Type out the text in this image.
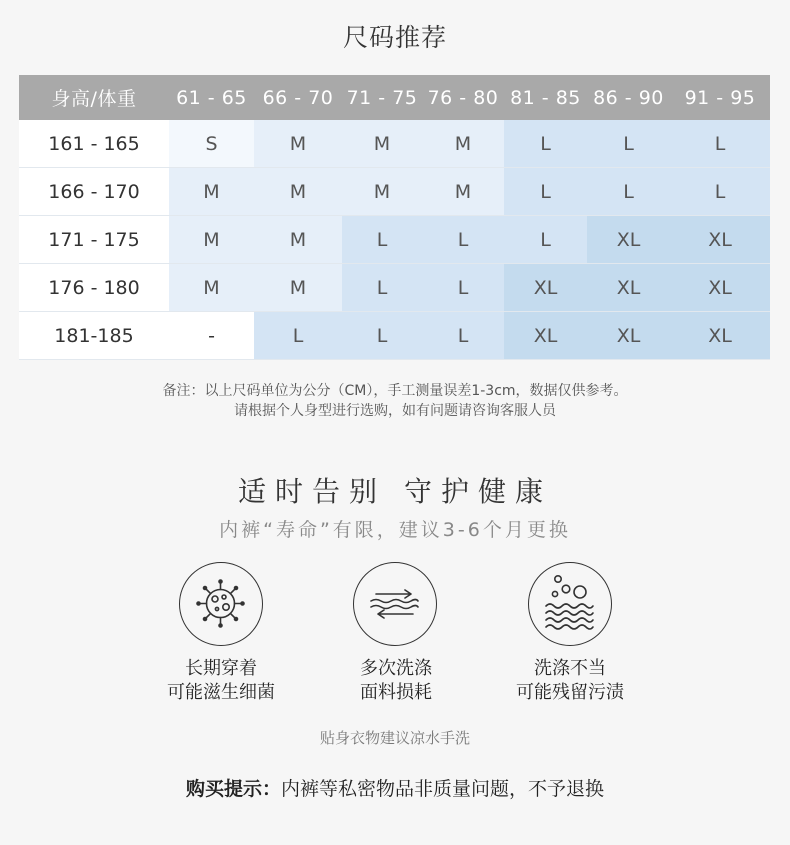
尺码推荐
身高/体重	61 - 65	66 - 70	71 - 75	76 - 80	81 - 85	86 - 90	91 - 95
161 - 165	S	M	M	M	L	L	L
166 - 170	M	M	M	M	L	L	L
171 - 175	M	M	L	L	L	XL	XL
176 - 180	M	M	L	L	XL	XL	XL
181-185	-	L	L	L	XL	XL	XL
备注：以上尺码单位为公分（CM），手工测量误差1-3cm，数据仅供参考。
请根据个人身型进行选购，如有问题请咨询客服人员
适时告别 守护健康
内裤“寿命”有限，建议3-6个月更换
长期穿着
可能滋生细菌
多次洗涤
面料损耗
洗涤不当
可能残留污渍
贴身衣物建议凉水手洗
购买提示：内裤等私密物品非质量问题，不予退换
